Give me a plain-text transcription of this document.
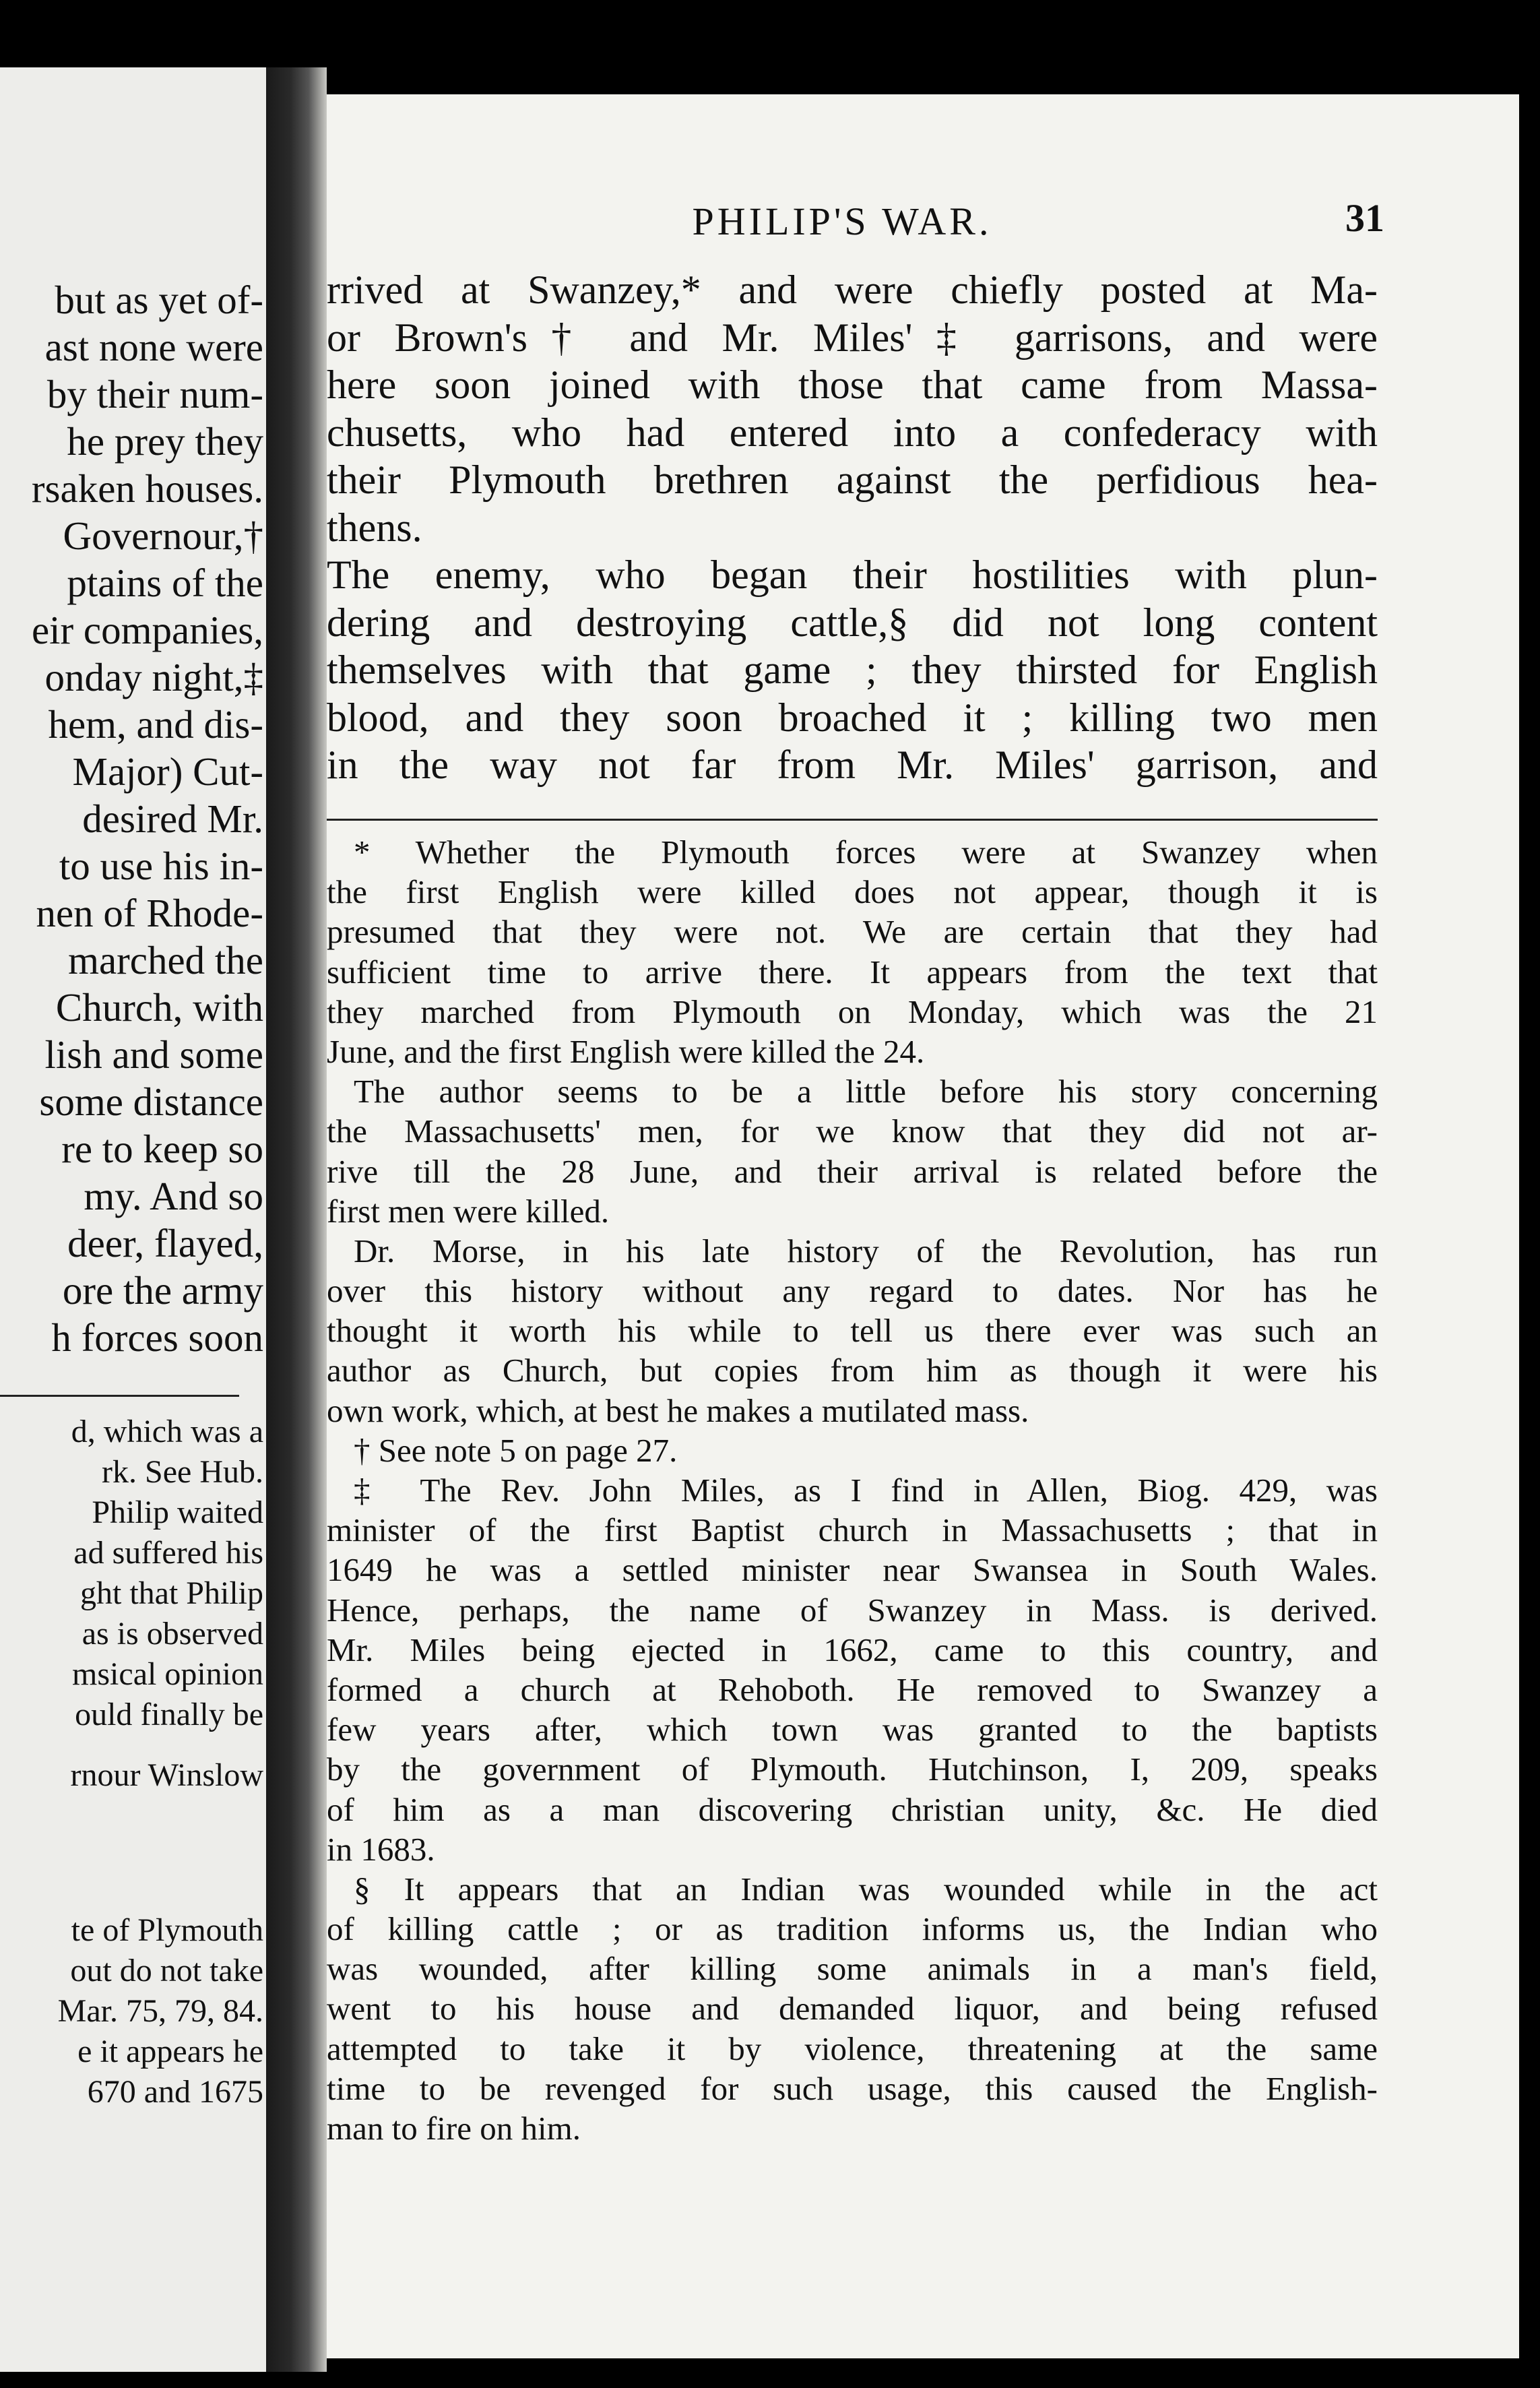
but as yet of-
ast none were
by their num-
he prey they
rsaken houses.
Governour,†
ptains of the
eir companies,
onday night,‡
hem, and dis-
Major) Cut-
desired Mr.
to use his in-
nen of Rhode-
marched the
Church, with
lish and some
some distance
re to keep so
my. And so
deer, flayed,
ore the army
h forces soon
d, which was a
rk. See Hub.
Philip waited
ad suffered his
ght that Philip
as is observed
msical opinion
ould finally be
rnour Winslow
te of Plymouth
out do not take
Mar. 75, 79, 84.
e it appears he
670 and 1675
PHILIP'S WAR.	31
rrived at Swanzey,* and were chiefly posted at Ma-
or Brown's† and Mr. Miles'‡ garrisons, and were
here soon joined with those that came from Massa-
chusetts, who had entered into a confederacy with
their Plymouth brethren against the perfidious hea-
thens.
The enemy, who began their hostilities with plun-
dering and destroying cattle,§ did not long content
themselves with that game ; they thirsted for English
blood, and they soon broached it ; killing two men
in the way not far from Mr. Miles' garrison, and
* Whether the Plymouth forces were at Swanzey when
the first English were killed does not appear, though it is
presumed that they were not. We are certain that they had
sufficient time to arrive there. It appears from the text that
they marched from Plymouth on Monday, which was the 21
June, and the first English were killed the 24.
The author seems to be a little before his story concerning
the Massachusetts' men, for we know that they did not ar-
rive till the 28 June, and their arrival is related before the
first men were killed.
Dr. Morse, in his late history of the Revolution, has run
over this history without any regard to dates. Nor has he
thought it worth his while to tell us there ever was such an
author as Church, but copies from him as though it were his
own work, which, at best he makes a mutilated mass.
† See note 5 on page 27.
‡ The Rev. John Miles, as I find in Allen, Biog. 429, was
minister of the first Baptist church in Massachusetts ; that in
1649 he was a settled minister near Swansea in South Wales.
Hence, perhaps, the name of Swanzey in Mass. is derived.
Mr. Miles being ejected in 1662, came to this country, and
formed a church at Rehoboth. He removed to Swanzey a
few years after, which town was granted to the baptists
by the government of Plymouth. Hutchinson, I, 209, speaks
of him as a man discovering christian unity, &c. He died
in 1683.
§ It appears that an Indian was wounded while in the act
of killing cattle ; or as tradition informs us, the Indian who
was wounded, after killing some animals in a man's field,
went to his house and demanded liquor, and being refused
attempted to take it by violence, threatening at the same
time to be revenged for such usage, this caused the English-
man to fire on him.
